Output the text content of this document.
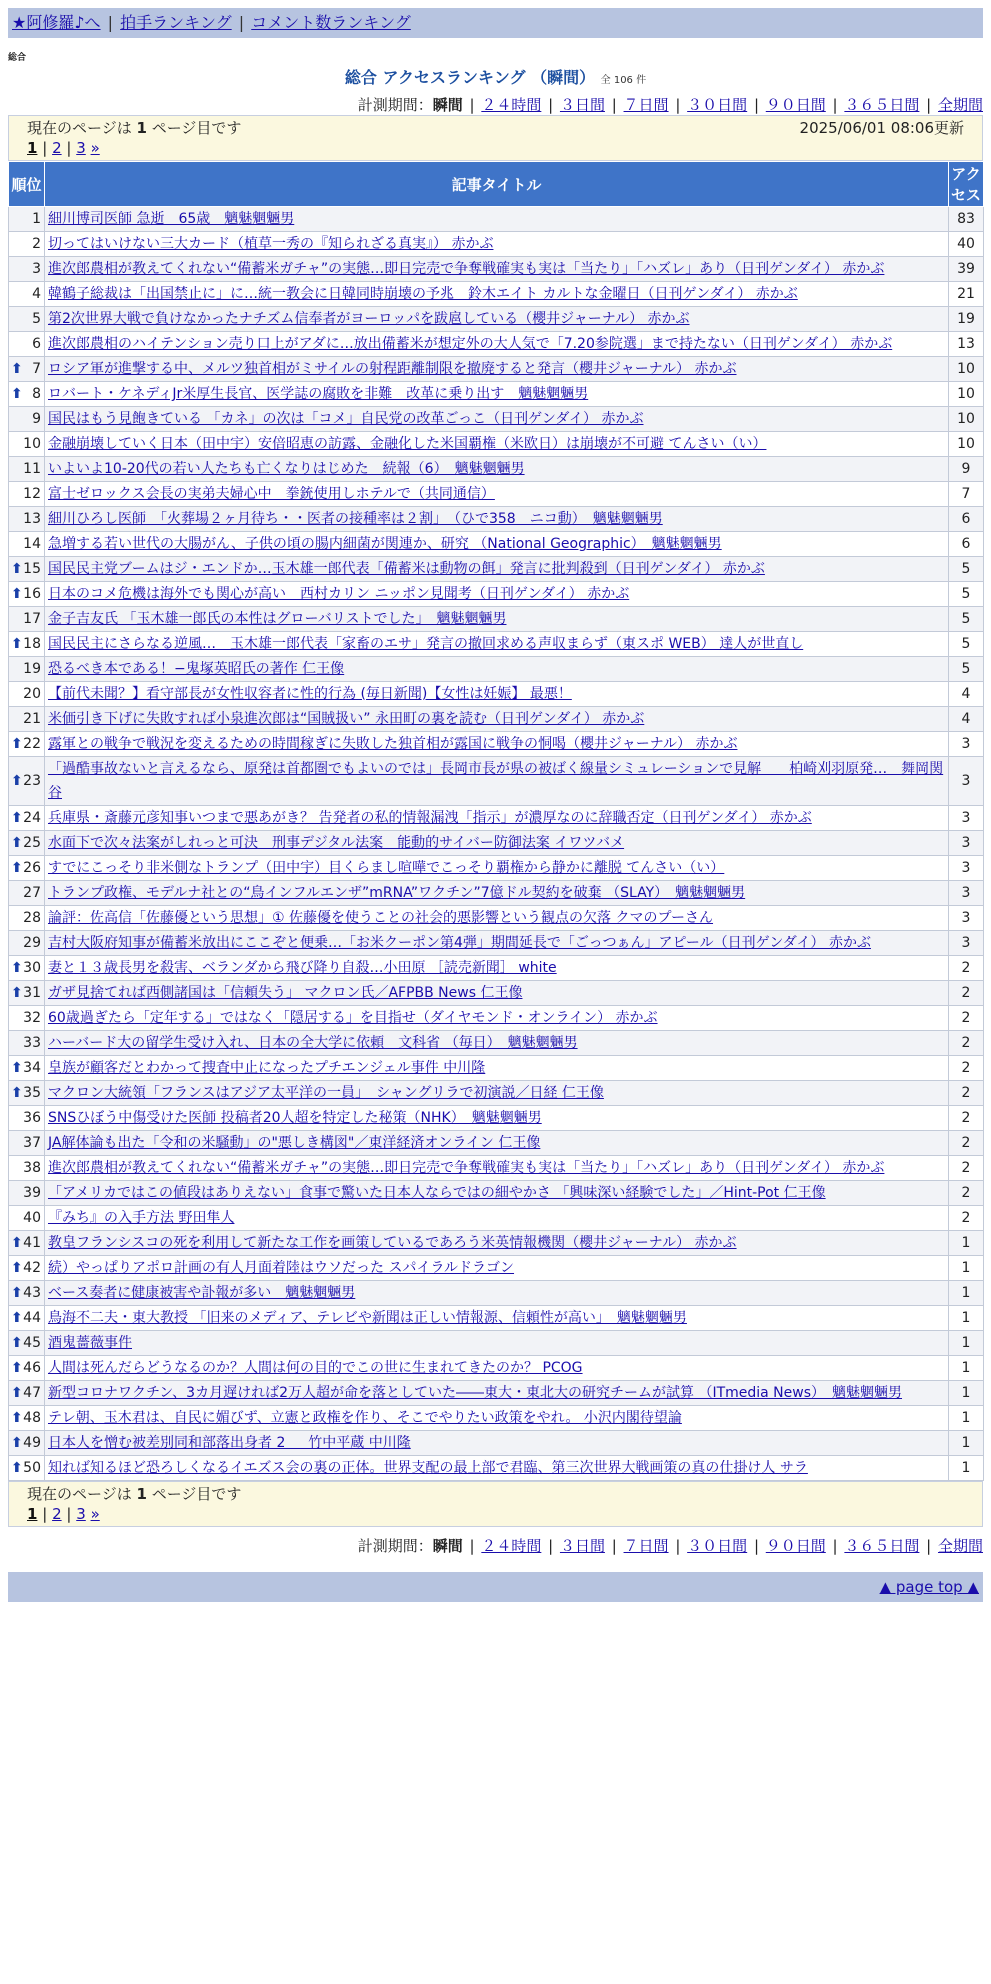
★阿修羅♪へ | 拍手ランキング | コメント数ランキング
総合
総合 アクセスランキング （瞬間） 全 106 件
計測期間：瞬間 | ２４時間 | ３日間 | ７日間 | ３０日間 | ９０日間 | ３６５日間 | 全期間
現在のページは 1 ページ目です	2025/06/01 08:06更新
1 | 2 | 3 »
順位	記事タイトル	アクセス
1	細川博司医師 急逝　65歳　魑魅魍魎男	83
2	切ってはいけない三大カード（植草一秀の『知られざる真実』） 赤かぶ	40
3	進次郎農相が教えてくれない“備蓄米ガチャ”の実態…即日完売で争奪戦確実も実は「当たり」「ハズレ」あり（日刊ゲンダイ） 赤かぶ	39
4	韓鶴子総裁は「出国禁止に」に…統一教会に日韓同時崩壊の予兆　鈴木エイト カルトな金曜日（日刊ゲンダイ） 赤かぶ	21
5	第2次世界大戦で負けなかったナチズム信奉者がヨーロッパを跋扈している（櫻井ジャーナル） 赤かぶ	19
6	進次郎農相のハイテンション売り口上がアダに…放出備蓄米が想定外の大人気で「7.20参院選」まで持たない（日刊ゲンダイ） 赤かぶ	13

⬆ 7	ロシア軍が進撃する中、メルツ独首相がミサイルの射程距離制限を撤廃すると発言（櫻井ジャーナル） 赤かぶ	10

⬆ 8	ロバート・ケネディJr米厚生長官、医学誌の腐敗を非難　改革に乗り出す　魑魅魍魎男	10
9	国民はもう見飽きている 「カネ」の次は「コメ」自民党の改革ごっこ（日刊ゲンダイ） 赤かぶ	10
10	金融崩壊していく日本（田中宇）安倍昭恵の訪露、金融化した米国覇権（米欧日）は崩壊が不可避 てんさい（い）	10
11	いよいよ10-20代の若い人たちも亡くなりはじめた　続報（6）　魑魅魍魎男	9
12	富士ゼロックス会長の実弟夫婦心中　拳銃使用しホテルで（共同通信）	7
13	細川ひろし医師　「火葬場２ヶ月待ち・・医者の接種率は２割」　（ひで358　ニコ動）　魑魅魍魎男	6
14	急増する若い世代の大腸がん、子供の頃の腸内細菌が関連か、研究 （National Geographic）　魑魅魍魎男	6

⬆ 15	国民民主党ブームはジ・エンドか…玉木雄一郎代表「備蓄米は動物の餌」発言に批判殺到（日刊ゲンダイ） 赤かぶ	5

⬆ 16	日本のコメ危機は海外でも関心が高い　西村カリン ニッポン見聞考（日刊ゲンダイ） 赤かぶ	5
17	金子吉友氏 「玉木雄一郎氏の本性はグローバリストでした」　魑魅魍魎男	5

⬆ 18	国民民主にさらなる逆風…　玉木雄一郎代表「家畜のエサ」発言の撤回求める声収まらず（東スポ WEB） 達人が世直し	5
19	恐るべき本である！−鬼塚英昭氏の著作 仁王像	5
20	【前代未聞？】看守部長が女性収容者に性的行為 (毎日新聞)【女性は妊娠】 最悪！	4
21	米価引き下げに失敗すれば小泉進次郎は“国賊扱い” 永田町の裏を読む（日刊ゲンダイ） 赤かぶ	4

⬆ 22	露軍との戦争で戦況を変えるための時間稼ぎに失敗した独首相が露国に戦争の恫喝（櫻井ジャーナル） 赤かぶ	3

⬆ 23	「過酷事故ないと言えるなら、原発は首都圏でもよいのでは」長岡市長が県の被ばく線量シミュレーションで見解　　柏崎刈羽原発…　舞岡関谷	3

⬆ 24	兵庫県・斎藤元彦知事いつまで悪あがき？ 告発者の私的情報漏洩「指示」が濃厚なのに辞職否定（日刊ゲンダイ） 赤かぶ	3

⬆ 25	水面下で次々法案がしれっと可決　刑事デジタル法案　能動的サイバー防御法案 イワツバメ	3

⬆ 26	すでにこっそり非米側なトランプ（田中宇）目くらまし喧嘩でこっそり覇権から静かに離脱 てんさい（い）	3
27	トランプ政権、モデルナ社との“鳥インフルエンザ”mRNA”ワクチン”7億ドル契約を破棄 （SLAY）　魑魅魍魎男	3
28	論評：佐高信「佐藤優という思想」① 佐藤優を使うことの社会的悪影響という観点の欠落 クマのプーさん	3
29	吉村大阪府知事が備蓄米放出にここぞと便乗…「お米クーポン第4弾」期間延長で「ごっつぁん」アピール（日刊ゲンダイ） 赤かぶ	3

⬆ 30	妻と１３歳長男を殺害、ベランダから飛び降り自殺…小田原 ［読売新聞］ white	2

⬆ 31	ガザ見捨てれば西側諸国は「信頼失う」 マクロン氏／AFPBB News 仁王像	2
32	60歳過ぎたら「定年する」ではなく「隠居する」を目指せ（ダイヤモンド・オンライン） 赤かぶ	2
33	ハーバード大の留学生受け入れ、日本の全大学に依頼　文科省 （毎日）　魑魅魍魎男	2

⬆ 34	皇族が顧客だとわかって捜査中止になったプチエンジェル事件 中川隆	2

⬆ 35	マクロン大統領「フランスはアジア太平洋の一員」　シャングリラで初演説／日経 仁王像	2
36	SNSひぼう中傷受けた医師 投稿者20人超を特定した秘策（NHK）　魑魅魍魎男	2
37	JA解体論も出た「令和の米騒動」の"悪しき構図"／東洋経済オンライン 仁王像	2
38	進次郎農相が教えてくれない“備蓄米ガチャ”の実態…即日完売で争奪戦確実も実は「当たり」「ハズレ」あり（日刊ゲンダイ） 赤かぶ	2
39	「アメリカではこの値段はありえない」食事で驚いた日本人ならではの細やかさ 「興味深い経験でした」／Hint-Pot 仁王像	2
40	『みち』の入手方法 野田隼人	2

⬆ 41	教皇フランシスコの死を利用して新たな工作を画策しているであろう米英情報機関（櫻井ジャーナル） 赤かぶ	1

⬆ 42	続）やっぱりアポロ計画の有人月面着陸はウソだった スパイラルドラゴン	1

⬆ 43	ベース奏者に健康被害や訃報が多い　魑魅魍魎男	1

⬆ 44	鳥海不二夫・東大教授 「旧来のメディア、テレビや新聞は正しい情報源、信頼性が高い」　魑魅魍魎男	1

⬆ 45	酒鬼薔薇事件	1

⬆ 46	人間は死んだらどうなるのか？人間は何の目的でこの世に生まれてきたのか？ PCOG	1

⬆ 47	新型コロナワクチン、3カ月遅ければ2万人超が命を落としていた――東大・東北大の研究チームが試算 （ITmedia News）　魑魅魍魎男	1

⬆ 48	テレ朝、玉木君は、自民に媚びず、立憲と政権を作り、そこでやりたい政策をやれ。 小沢内閣待望論	1

⬆ 49	日本人を憎む被差別同和部落出身者 2 ＿ 竹中平蔵 中川隆	1

⬆ 50	知れば知るほど恐ろしくなるイエズス会の裏の正体。世界支配の最上部で君臨、第三次世界大戦画策の真の仕掛け人 サラ	1
現在のページは 1 ページ目です
1 | 2 | 3 »
計測期間：瞬間 | ２４時間 | ３日間 | ７日間 | ３０日間 | ９０日間 | ３６５日間 | 全期間
▲ page top ▲
